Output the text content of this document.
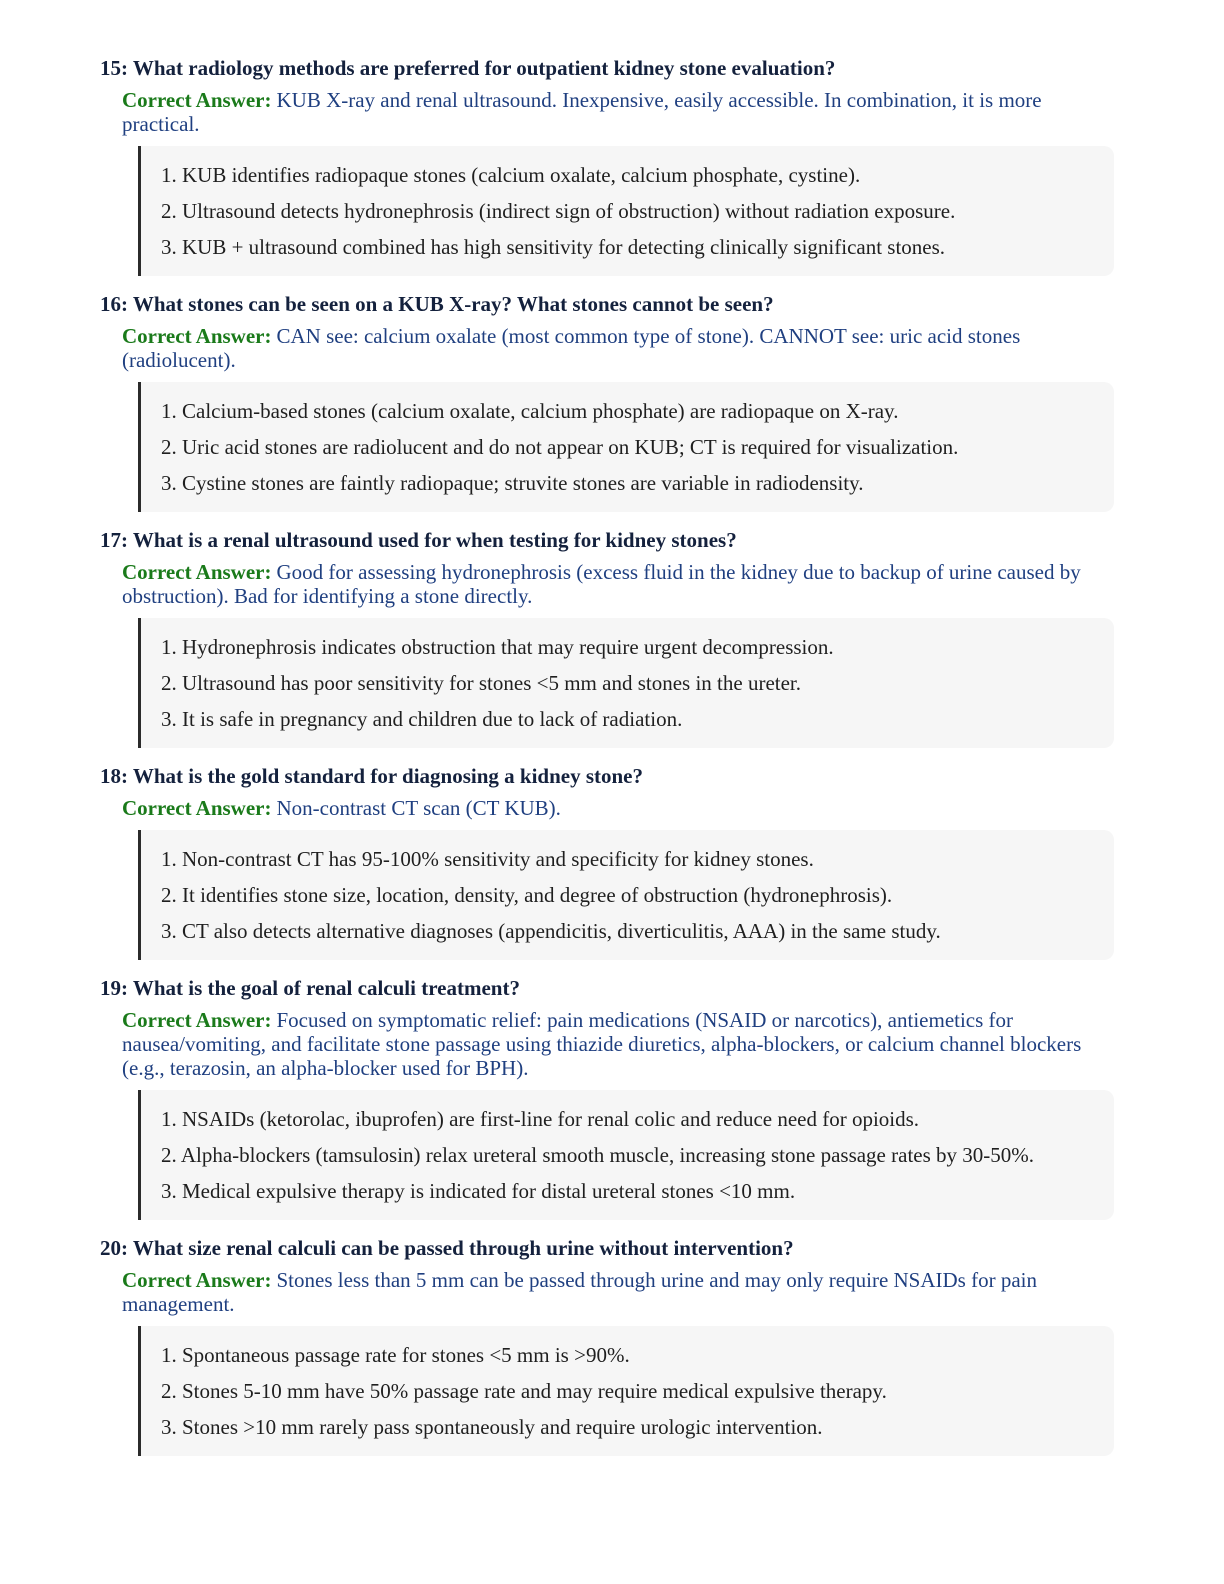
15: What radiology methods are preferred for outpatient kidney stone evaluation?

Correct Answer: KUB X-ray and renal ultrasound. Inexpensive, easily accessible. In combination, it is more practical.

1. KUB identifies radiopaque stones (calcium oxalate, calcium phosphate, cystine).
2. Ultrasound detects hydronephrosis (indirect sign of obstruction) without radiation exposure.
3. KUB + ultrasound combined has high sensitivity for detecting clinically significant stones.

16: What stones can be seen on a KUB X-ray? What stones cannot be seen?

Correct Answer: CAN see: calcium oxalate (most common type of stone). CANNOT see: uric acid stones (radiolucent).

1. Calcium-based stones (calcium oxalate, calcium phosphate) are radiopaque on X-ray.
2. Uric acid stones are radiolucent and do not appear on KUB; CT is required for visualization.
3. Cystine stones are faintly radiopaque; struvite stones are variable in radiodensity.

17: What is a renal ultrasound used for when testing for kidney stones?

Correct Answer: Good for assessing hydronephrosis (excess fluid in the kidney due to backup of urine caused by obstruction). Bad for identifying a stone directly.

1. Hydronephrosis indicates obstruction that may require urgent decompression.
2. Ultrasound has poor sensitivity for stones <5 mm and stones in the ureter.
3. It is safe in pregnancy and children due to lack of radiation.

18: What is the gold standard for diagnosing a kidney stone?

Correct Answer: Non-contrast CT scan (CT KUB).

1. Non-contrast CT has 95-100% sensitivity and specificity for kidney stones.
2. It identifies stone size, location, density, and degree of obstruction (hydronephrosis).
3. CT also detects alternative diagnoses (appendicitis, diverticulitis, AAA) in the same study.

19: What is the goal of renal calculi treatment?

Correct Answer: Focused on symptomatic relief: pain medications (NSAID or narcotics), antiemetics for nausea/vomiting, and facilitate stone passage using thiazide diuretics, alpha-blockers, or calcium channel blockers (e.g., terazosin, an alpha-blocker used for BPH).

1. NSAIDs (ketorolac, ibuprofen) are first-line for renal colic and reduce need for opioids.
2. Alpha-blockers (tamsulosin) relax ureteral smooth muscle, increasing stone passage rates by 30-50%.
3. Medical expulsive therapy is indicated for distal ureteral stones <10 mm.

20: What size renal calculi can be passed through urine without intervention?

Correct Answer: Stones less than 5 mm can be passed through urine and may only require NSAIDs for pain management.

1. Spontaneous passage rate for stones <5 mm is >90%.
2. Stones 5-10 mm have 50% passage rate and may require medical expulsive therapy.
3. Stones >10 mm rarely pass spontaneously and require urologic intervention.
